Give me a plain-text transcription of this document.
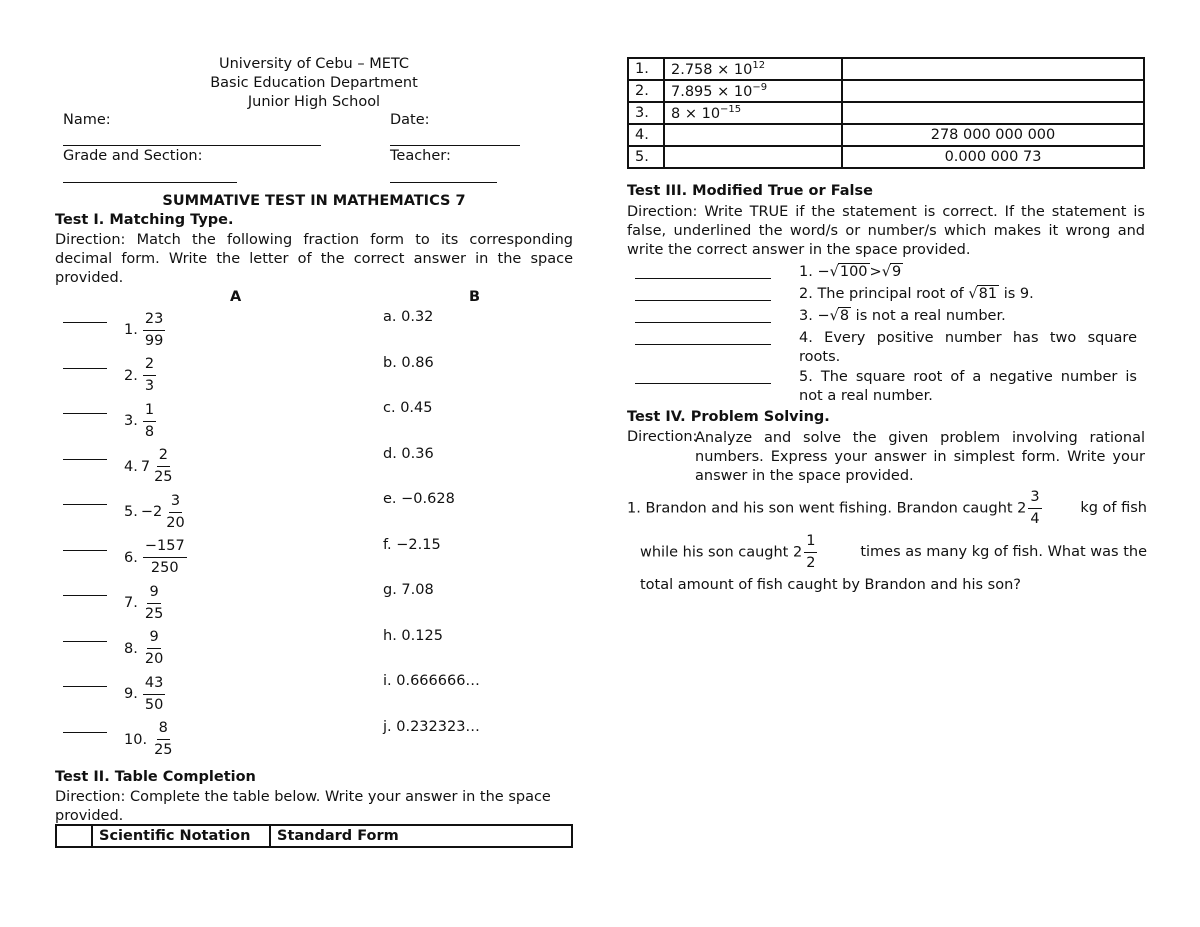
University of Cebu – METC
Basic Education Department
Junior High School
Name:	Date:
Grade and Section:	Teacher:
SUMMATIVE TEST IN MATHEMATICS 7
Test I. Matching Type.
Direction: Match the following fraction form to its corresponding decimal form. Write the letter of the correct answer in the space provided.
A	B
1. $\frac{23}{99}$	a. 0.32
2. $\frac{2}{3}$	b. 0.86
3. $\frac{1}{8}$	c. 0.45
4. $7 \frac{2}{25}$	d. 0.36
5. $-2 \frac{3}{20}$	e. −0.628
6. $\frac{-157}{250}$	f. −2.15
7. $\frac{9}{25}$	g. 7.08
8. $\frac{9}{20}$	h. 0.125
9. $\frac{43}{50}$	i. 0.666666…
10. $\frac{8}{25}$	j. 0.232323…
Test II. Table Completion
Direction: Complete the table below. Write your answer in the space provided.
	Scientific Notation	Standard Form
1.	$2.758 \times 10^{12}$	
2.	$7.895 \times 10^{-9}$	
3.	$8 \times 10^{-15}$	
4.		278 000 000 000
5.		0.000 000 73
Test III. Modified True or False
Direction: Write TRUE if the statement is correct. If the statement is false, underlined the word/s or number/s which makes it wrong and write the correct answer in the space provided.
1. −√100 >√9
2. The principal root of √81 is 9.
3. −√8 is not a real number.
4. Every positive number has two square roots.
5. The square root of a negative number is not a real number.
Test IV. Problem Solving.
Direction:
Analyze and solve the given problem involving rational numbers. Express your answer in simplest form. Write your answer in the space provided.
1. Brandon and his son went fishing. Brandon caught $2 \frac{3}{4}$	kg of fish
while his son caught $2 \frac{1}{2}$	times as many kg of fish. What was the
total amount of fish caught by Brandon and his son?
